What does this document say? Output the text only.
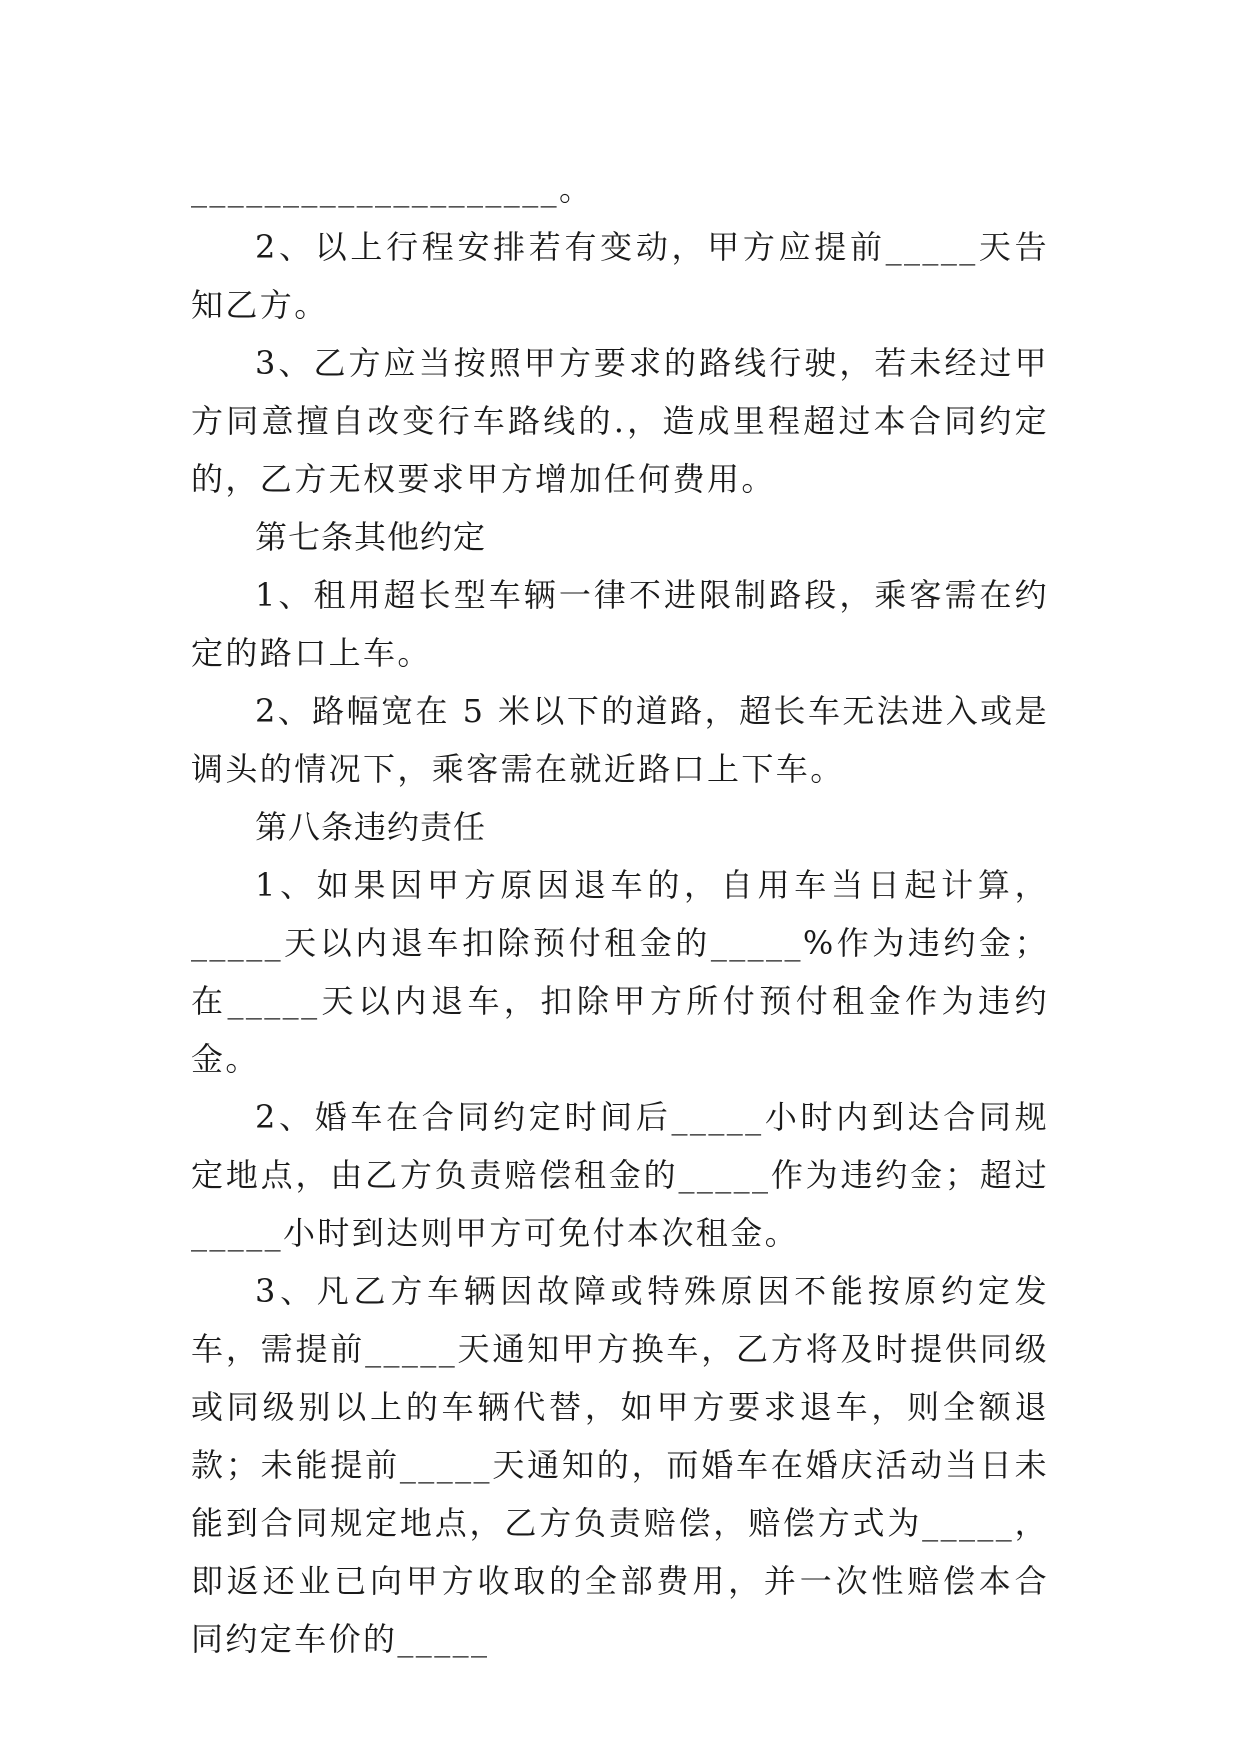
____________________。

2、以上行程安排若有变动，甲方应提前_____天告知乙方。

3、乙方应当按照甲方要求的路线行驶，若未经过甲方同意擅自改变行车路线的.，造成里程超过本合同约定的，乙方无权要求甲方增加任何费用。

第七条其他约定

1、租用超长型车辆一律不进限制路段，乘客需在约定的路口上车。

2、路幅宽在 5 米以下的道路，超长车无法进入或是调头的情况下，乘客需在就近路口上下车。

第八条违约责任

1、如果因甲方原因退车的，自用车当日起计算，_____天以内退车扣除预付租金的_____%作为违约金；在_____天以内退车，扣除甲方所付预付租金作为违约金。

2、婚车在合同约定时间后_____小时内到达合同规定地点，由乙方负责赔偿租金的_____作为违约金；超过_____小时到达则甲方可免付本次租金。

3、凡乙方车辆因故障或特殊原因不能按原约定发车，需提前_____天通知甲方换车，乙方将及时提供同级或同级别以上的车辆代替，如甲方要求退车，则全额退款；未能提前_____天通知的，而婚车在婚庆活动当日未能到合同规定地点，乙方负责赔偿，赔偿方式为_____，即返还业已向甲方收取的全部费用，并一次性赔偿本合同约定车价的_____
